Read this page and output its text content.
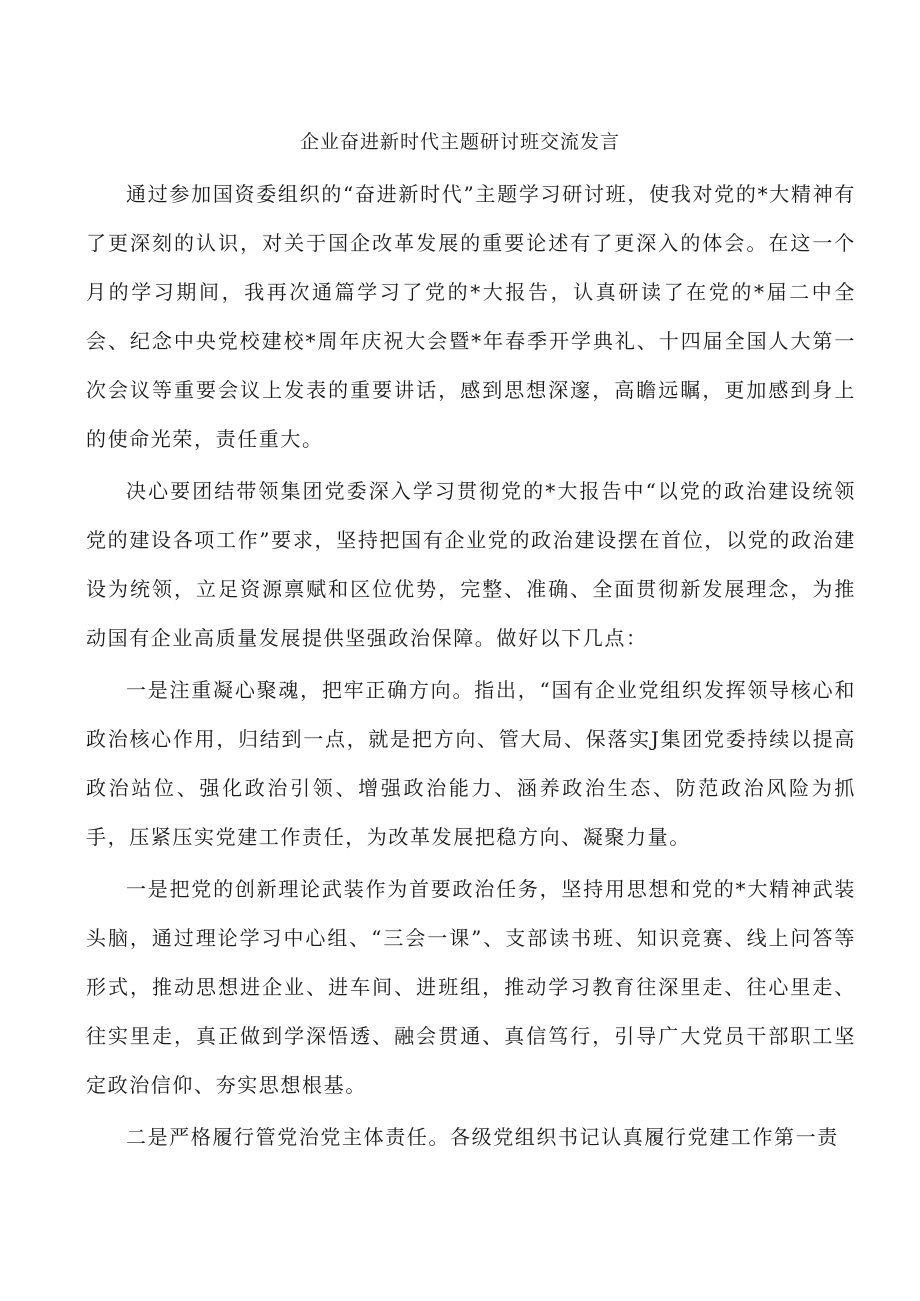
企业奋进新时代主题研讨班交流发言

通过参加国资委组织的“奋进新时代”主题学习研讨班，使我对党的*大精神有了更深刻的认识，对关于国企改革发展的重要论述有了更深入的体会。在这一个月的学习期间，我再次通篇学习了党的*大报告，认真研读了在党的*届二中全会、纪念中央党校建校*周年庆祝大会暨*年春季开学典礼、十四届全国人大第一次会议等重要会议上发表的重要讲话，感到思想深邃，高瞻远瞩，更加感到身上的使命光荣，责任重大。

决心要团结带领集团党委深入学习贯彻党的*大报告中“以党的政治建设统领党的建设各项工作”要求，坚持把国有企业党的政治建设摆在首位，以党的政治建设为统领，立足资源禀赋和区位优势，完整、准确、全面贯彻新发展理念，为推动国有企业高质量发展提供坚强政治保障。做好以下几点：

一是注重凝心聚魂，把牢正确方向。指出，“国有企业党组织发挥领导核心和政治核心作用，归结到一点，就是把方向、管大局、保落实J集团党委持续以提高政治站位、强化政治引领、增强政治能力、涵养政治生态、防范政治风险为抓手，压紧压实党建工作责任，为改革发展把稳方向、凝聚力量。

一是把党的创新理论武装作为首要政治任务，坚持用思想和党的*大精神武装头脑，通过理论学习中心组、“三会一课”、支部读书班、知识竞赛、线上问答等形式，推动思想进企业、进车间、进班组，推动学习教育往深里走、往心里走、往实里走，真正做到学深悟透、融会贯通、真信笃行，引导广大党员干部职工坚定政治信仰、夯实思想根基。

二是严格履行管党治党主体责任。各级党组织书记认真履行党建工作第一责
